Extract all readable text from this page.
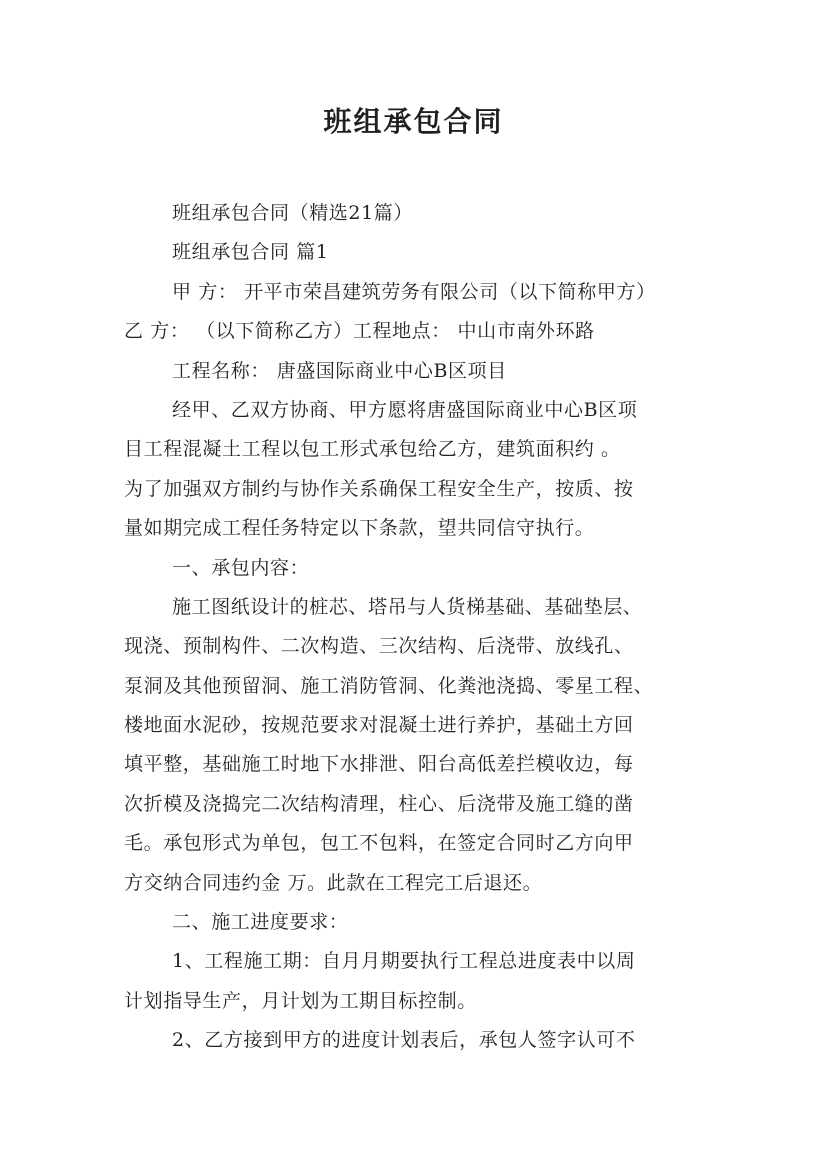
班组承包合同
班组承包合同（精选21篇）
班组承包合同 篇1
甲 方： 开平市荣昌建筑劳务有限公司（以下简称甲方）
乙 方： （以下简称乙方）工程地点： 中山市南外环路
工程名称： 唐盛国际商业中心B区项目
经甲、乙双方协商、甲方愿将唐盛国际商业中心B区项
目工程混凝土工程以包工形式承包给乙方，建筑面积约 。
为了加强双方制约与协作关系确保工程安全生产，按质、按
量如期完成工程任务特定以下条款，望共同信守执行。
一、承包内容：
施工图纸设计的桩芯、塔吊与人货梯基础、基础垫层、
现浇、预制构件、二次构造、三次结构、后浇带、放线孔、
泵洞及其他预留洞、施工消防管洞、化粪池浇捣、零星工程、
楼地面水泥砂，按规范要求对混凝土进行养护，基础土方回
填平整，基础施工时地下水排泄、阳台高低差拦模收边，每
次折模及浇捣完二次结构清理，柱心、后浇带及施工缝的凿
毛。承包形式为单包，包工不包料，在签定合同时乙方向甲
方交纳合同违约金 万。此款在工程完工后退还。
二、施工进度要求：
1、工程施工期：自月月期要执行工程总进度表中以周
计划指导生产，月计划为工期目标控制。
2、乙方接到甲方的进度计划表后，承包人签字认可不
